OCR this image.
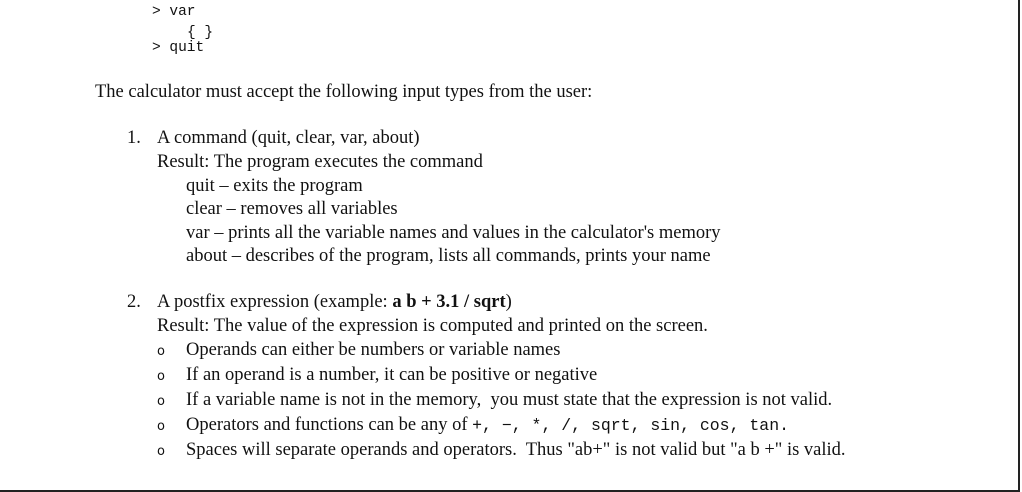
> var
{ }
> quit
The calculator must accept the following input types from the user:
1. A command (quit, clear, var, about)
Result: The program executes the command
quit – exits the program
clear – removes all variables
var – prints all the variable names and values in the calculator's memory
about – describes of the program, lists all commands, prints your name
2. A postfix expression (example: a b + 3.1 / sqrt)
Result: The value of the expression is computed and printed on the screen.
o Operands can either be numbers or variable names
o If an operand is a number, it can be positive or negative
o If a variable name is not in the memory,  you must state that the expression is not valid.
o Operators and functions can be any of +, −, *, /, sqrt, sin, cos, tan.
o Spaces will separate operands and operators.  Thus "ab+" is not valid but "a b +" is valid.
